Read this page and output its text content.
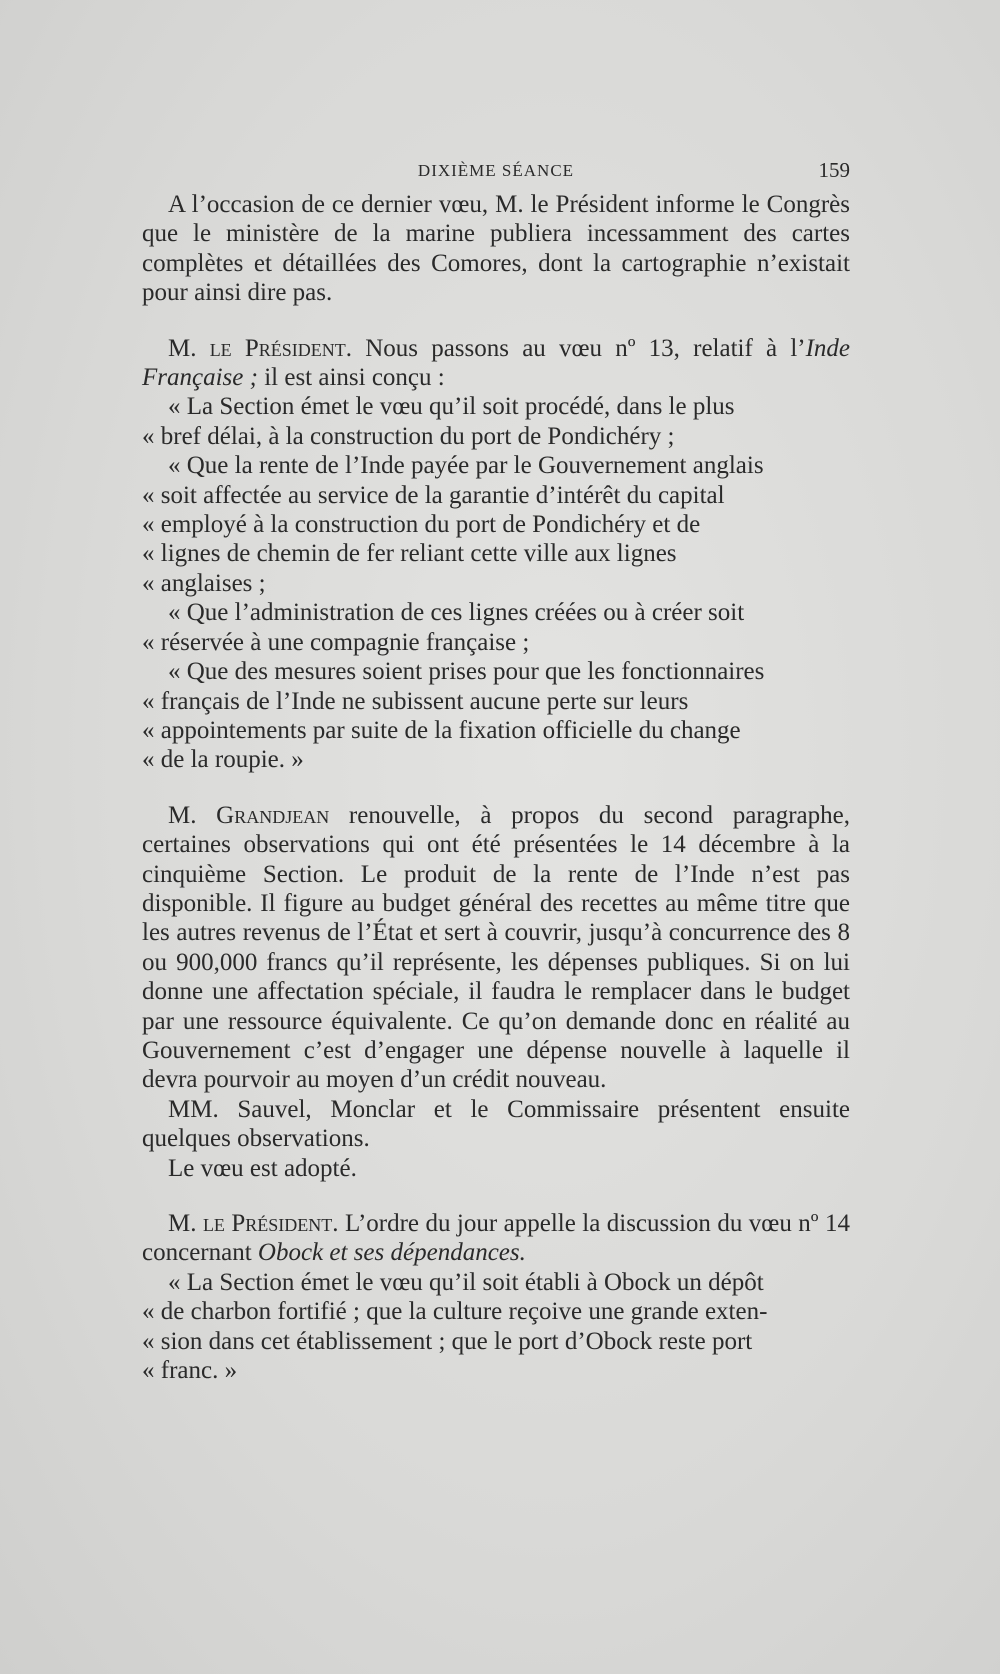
DIXIÈME SÉANCE	159

A l’occasion de ce dernier vœu, M. le Président informe le Congrès que le ministère de la marine publiera incessamment des cartes complètes et détaillées des Comores, dont la cartographie n’existait pour ainsi dire pas.

M. le Président. Nous passons au vœu nº 13, relatif à l’Inde Française ; il est ainsi conçu :

« La Section émet le vœu qu’il soit procédé, dans le plus

« bref délai, à la construction du port de Pondichéry ;

« Que la rente de l’Inde payée par le Gouvernement anglais

« soit affectée au service de la garantie d’intérêt du capital

« employé à la construction du port de Pondichéry et de

« lignes de chemin de fer reliant cette ville aux lignes

« anglaises ;

« Que l’administration de ces lignes créées ou à créer soit

« réservée à une compagnie française ;

« Que des mesures soient prises pour que les fonctionnaires

« français de l’Inde ne subissent aucune perte sur leurs

« appointements par suite de la fixation officielle du change

« de la roupie. »

M. Grandjean renouvelle, à propos du second paragraphe, certaines observations qui ont été présentées le 14 décembre à la cinquième Section. Le produit de la rente de l’Inde n’est pas disponible. Il figure au budget général des recettes au même titre que les autres revenus de l’État et sert à couvrir, jusqu’à concurrence des 8 ou 900,000 francs qu’il représente, les dépenses publiques. Si on lui donne une affectation spéciale, il faudra le remplacer dans le budget par une ressource équivalente. Ce qu’on demande donc en réalité au Gouvernement c’est d’engager une dépense nouvelle à laquelle il devra pourvoir au moyen d’un crédit nouveau.

MM. Sauvel, Monclar et le Commissaire présentent ensuite quelques observations.

Le vœu est adopté.

M. le Président. L’ordre du jour appelle la discussion du vœu nº 14 concernant Obock et ses dépendances.

« La Section émet le vœu qu’il soit établi à Obock un dépôt

« de charbon fortifié ; que la culture reçoive une grande exten-

« sion dans cet établissement ; que le port d’Obock reste port

« franc. »
